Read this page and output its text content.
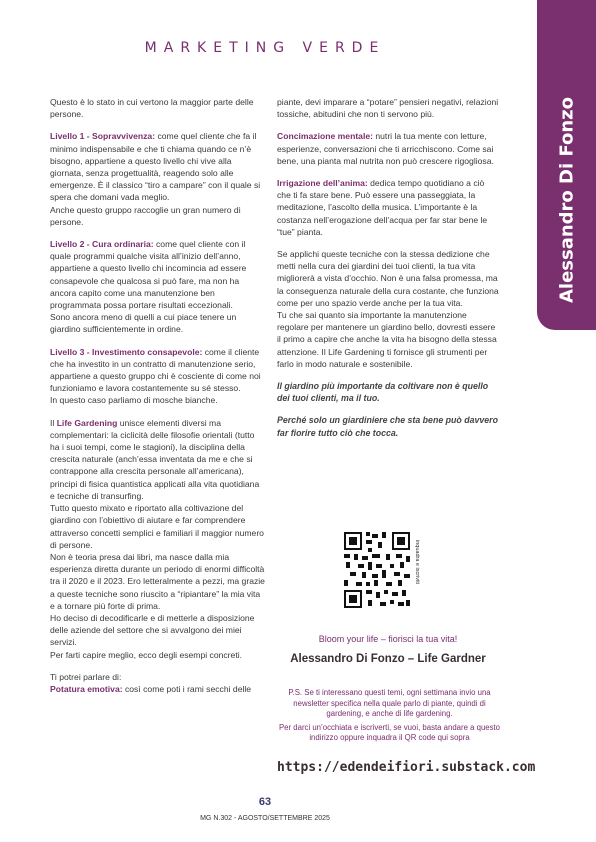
MARKETING VERDE
Alessandro Di Fonzo

Questo è lo stato in cui vertono la maggior parte delle persone.

Livello 1 - Sopravvivenza: come quel cliente che fa il minimo indispensabile e che ti chiama quando ce n’è bisogno, appartiene a questo livello chi vive alla giornata, senza progettualità, reagendo solo alle emergenze. È il classico “tiro a campare” con il quale si spera che domani vada meglio.

Anche questo gruppo raccoglie un gran numero di persone.

Livello 2 - Cura ordinaria: come quel cliente con il quale programmi qualche visita all’inizio dell’anno, appartiene a questo livello chi incomincia ad essere consapevole che qualcosa si può fare, ma non ha ancora capito come una manutenzione ben programmata possa portare risultati eccezionali.

Sono ancora meno di quelli a cui piace tenere un giardino sufficientemente in ordine.

Livello 3 - Investimento consapevole: come il cliente che ha investito in un contratto di manutenzione serio, appartiene a questo gruppo chi è cosciente di come noi funzioniamo e lavora costantemente su sé stesso.

In questo caso parliamo di mosche bianche.

Il Life Gardening unisce elementi diversi ma complementari: la ciclicità delle filosofie orientali (tutto ha i suoi tempi, come le stagioni), la disciplina della crescita naturale (anch’essa inventata da me e che si contrappone alla crescita personale all’americana), principi di fisica quantistica applicati alla vita quotidiana e tecniche di transurfing.

Tutto questo mixato e riportato alla coltivazione del giardino con l’obiettivo di aiutare e far comprendere attraverso concetti semplici e familiari il maggior numero di persone.

Non è teoria presa dai libri, ma nasce dalla mia esperienza diretta durante un periodo di enormi difficoltà tra il 2020 e il 2023. Ero letteralmente a pezzi, ma grazie a queste tecniche sono riuscito a “ripiantare” la mia vita e a tornare più forte di prima.

Ho deciso di decodificarle e di metterle a disposizione delle aziende del settore che si avvalgono dei miei servizi.

Per farti capire meglio, ecco degli esempi concreti.

Ti potrei parlare di:

Potatura emotiva: così come poti i rami secchi delle

piante, devi imparare a “potare” pensieri negativi, relazioni tossiche, abitudini che non ti servono più.

Concimazione mentale: nutri la tua mente con letture, esperienze, conversazioni che ti arricchiscono. Come sai bene, una pianta mal nutrita non può crescere rigogliosa.

Irrigazione dell’anima: dedica tempo quotidiano a ciò che ti fa stare bene. Può essere una passeggiata, la meditazione, l’ascolto della musica. L’importante è la costanza nell’erogazione dell’acqua per far star bene le “tue” pianta.

Se applichi queste tecniche con la stessa dedizione che metti nella cura dei giardini dei tuoi clienti, la tua vita migliorerà a vista d’occhio. Non è una falsa promessa, ma la conseguenza naturale della cura costante, che funziona come per uno spazio verde anche per la tua vita.

Tu che sai quanto sia importante la manutenzione regolare per mantenere un giardino bello, dovresti essere il primo a capire che anche la vita ha bisogno della stessa attenzione. Il Life Gardening ti fornisce gli strumenti per farlo in modo naturale e sostenibile.

Il giardino più importante da coltivare non è quello dei tuoi clienti, ma il tuo.

Perché solo un giardiniere che sta bene può davvero far fiorire tutto ciò che tocca.

inquadra e iscriviti
Bloom your life – fiorisci la tua vita!
Alessandro Di Fonzo – Life Gardner
P.S. Se ti interessano questi temi, ogni settimana invio una newsletter specifica nella quale parlo di piante, quindi di gardening, e anche di life gardening.
Per darci un’occhiata e iscriverti, se vuoi, basta andare a questo indirizzo oppure inquadra il QR code qui sopra
https://edendeifiori.substack.com
63
MG N.302 - AGOSTO/SETTEMBRE 2025
